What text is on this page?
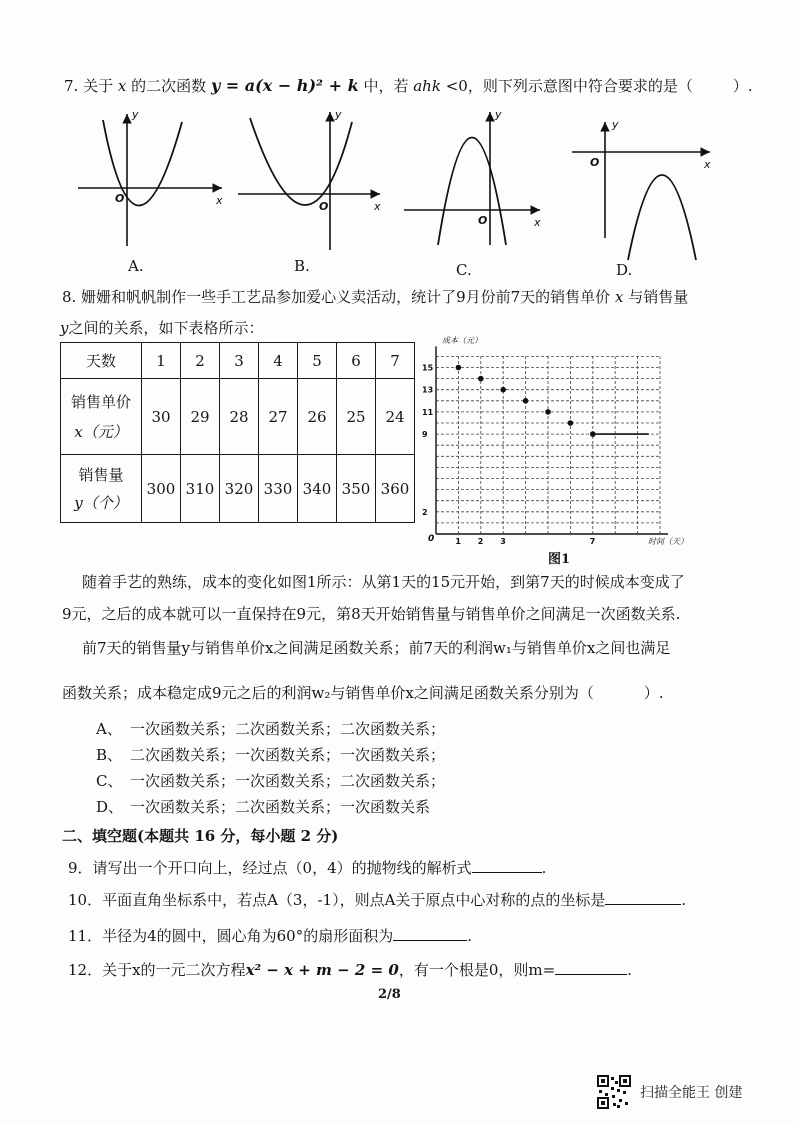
7. 关于 x 的二次函数 y = a(x − h)² + k 中，若 ahk <0，则下列示意图中符合要求的是（	）.
x
y
O
x
y
O
x
y
O
x
y
O
A.	B.	C.	D.
8. 姗姗和帆帆制作一些手工艺品参加爱心义卖活动，统计了9月份前7天的销售单价 x 与销售量
y之间的关系，如下表格所示：
天数	1	2	3	4	5	6	7

销售单价
x（元）	30	29	28	27	26	25	24

销售量
y（个）	300	310	320	330	340	350	360
1 2 3	7
2
9
11
13
15
成本（元）
时间（天）
0
图1
随着手艺的熟练，成本的变化如图1所示：从第1天的15元开始，到第7天的时候成本变成了
9元，之后的成本就可以一直保持在9元，第8天开始销售量与销售单价之间满足一次函数关系.
前7天的销售量y与销售单价x之间满足函数关系；前7天的利润w₁与销售单价x之间也满足
函数关系；成本稳定成9元之后的利润w₂与销售单价x之间满足函数关系分别为（	）.
A、 一次函数关系；二次函数关系；二次函数关系；
B、 二次函数关系；一次函数关系；一次函数关系；
C、 一次函数关系；一次函数关系；二次函数关系；
D、 一次函数关系；二次函数关系；一次函数关系
二、填空题(本题共 16 分，每小题 2 分)
9．请写出一个开口向上，经过点（0，4）的抛物线的解析式	.
10．平面直角坐标系中，若点A（3，-1），则点A关于原点中心对称的点的坐标是	.
11．半径为4的圆中，圆心角为60°的扇形面积为	.
12．关于x的一元二次方程x² − x + m − 2 = 0，有一个根是0，则m=	.
2/8
扫描全能王 创建
